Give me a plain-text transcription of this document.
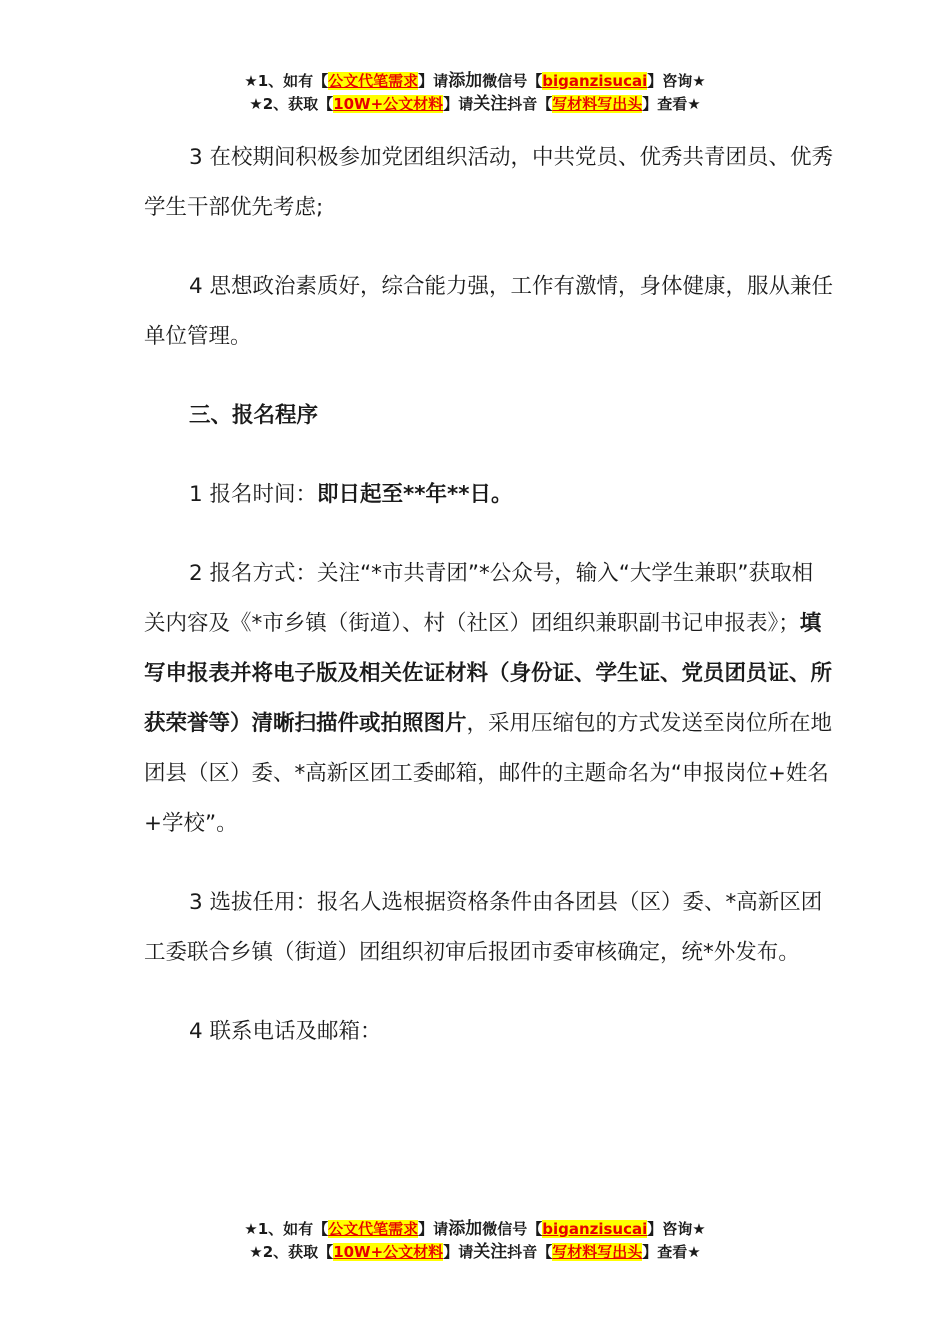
★1、如有【公文代笔需求】请添加微信号【biganzisucai】咨询★
★2、获取【10W+公文材料】请关注抖音【写材料写出头】查看★

3 在校期间积极参加党团组织活动，中共党员、优秀共青团员、优秀学生干部优先考虑;

4 思想政治素质好，综合能力强，工作有激情，身体健康，服从兼任单位管理。

三、报名程序

1 报名时间：即日起至**年**日。

2 报名方式：关注“*市共青团”*公众号，输入“大学生兼职”获取相关内容及《*市乡镇（街道）、村（社区）团组织兼职副书记申报表》；填写申报表并将电子版及相关佐证材料（身份证、学生证、党员团员证、所获荣誉等）清晰扫描件或拍照图片，采用压缩包的方式发送至岗位所在地团县（区）委、*高新区团工委邮箱，邮件的主题命名为“申报岗位+姓名+学校”。

3 选拔任用：报名人选根据资格条件由各团县（区）委、*高新区团工委联合乡镇（街道）团组织初审后报团市委审核确定，统*外发布。

4 联系电话及邮箱：

★1、如有【公文代笔需求】请添加微信号【biganzisucai】咨询★
★2、获取【10W+公文材料】请关注抖音【写材料写出头】查看★
